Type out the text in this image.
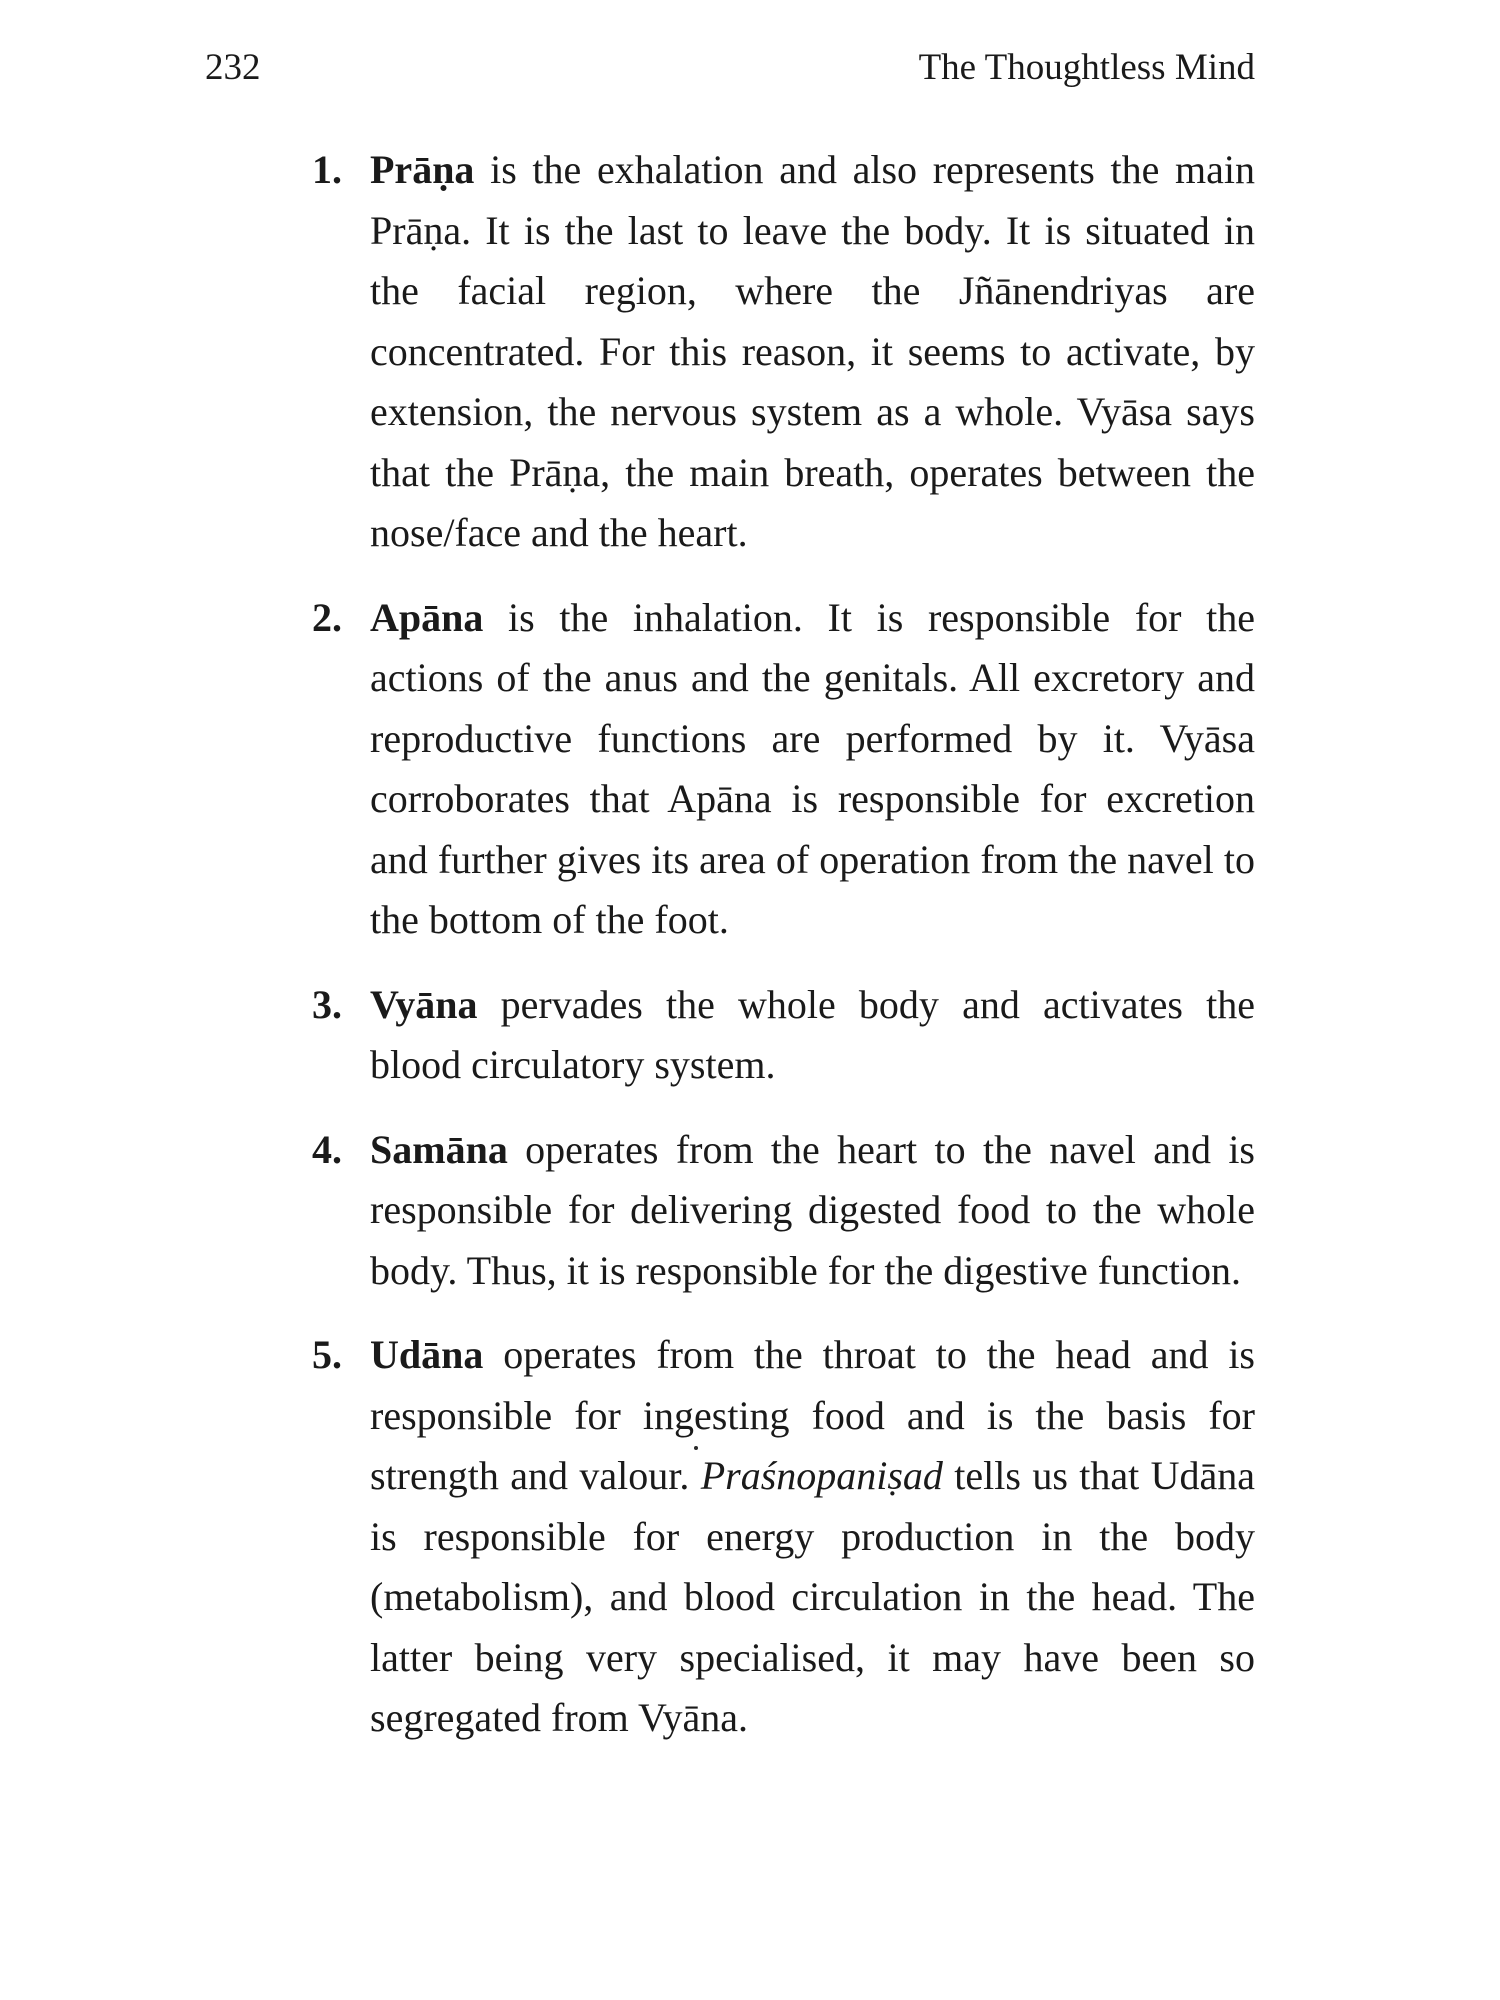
232	The Thoughtless Mind
1. Prāṇa is the exhalation and also represents the main Prāṇa. It is the last to leave the body. It is situated in the facial region, where the Jñānendriyas are concentrated. For this reason, it seems to activate, by extension, the nervous system as a whole. Vyāsa says that the Prāṇa, the main breath, operates between the nose/face and the heart.
2. Apāna is the inhalation. It is responsible for the actions of the anus and the genitals. All excretory and reproductive functions are performed by it. Vyāsa corroborates that Apāna is responsible for excretion and further gives its area of operation from the navel to the bottom of the foot.
3. Vyāna pervades the whole body and activates the blood circulatory system.
4. Samāna operates from the heart to the navel and is responsible for delivering digested food to the whole body. Thus, it is responsible for the digestive function.
5. Udāna operates from the throat to the head and is responsible for ingesting food and is the basis for strength and valour. Praśnopaniṣad tells us that Udāna is responsible for energy production in the body (metabolism), and blood circulation in the head. The latter being very specialised, it may have been so segregated from Vyāna.
